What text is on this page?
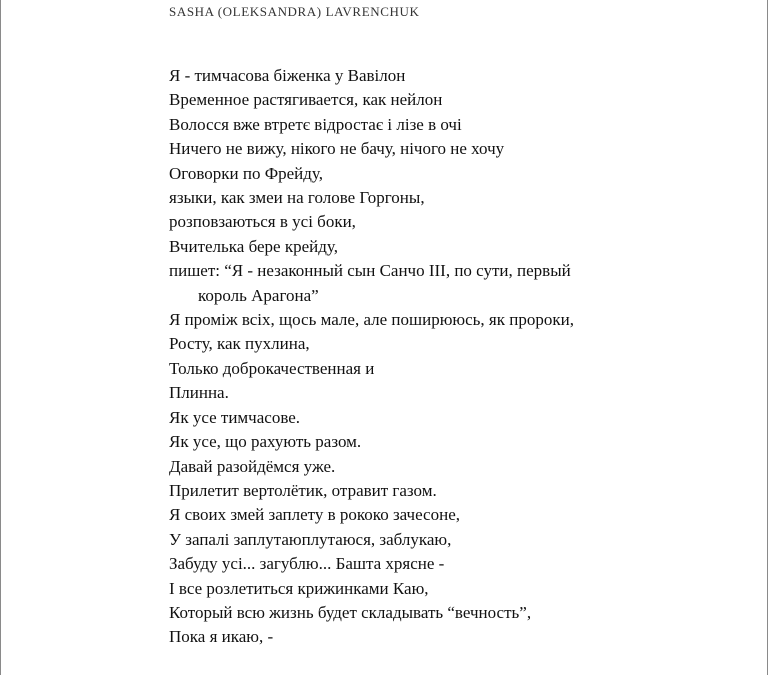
SASHA (OLEKSANDRA) LAVRENCHUK
Я - тимчасова біженка у Вавілон
Временное растягивается, как нейлон
Волосся вже втретє відростає і лізе в очі
Ничего не вижу, нікого не бачу, нічого не хочу
Оговорки по Фрейду,
языки, как змеи на голове Горгоны,
розповзаються в усі боки,
Вчителька бере крейду,
пишет: “Я - незаконный сын Санчо III, по сути, первый
король Арагона”
Я проміж всіх, щось мале, але поширююсь, як пророки,
Росту, как пухлина,
Только доброкачественная и
Плинна.
Як усе тимчасове.
Як усе, що рахують разом.
Давай разойдёмся уже.
Прилетит вертолётик, отравит газом.
Я своих змей заплету в рококо зачесоне,
У запалі заплутаюплутаюся, заблукаю,
Забуду усі... загублю... Башта хрясне -
І все розлетиться крижинками Каю,
Который всю жизнь будет складывать “вечность”,
Пока я икаю, -
